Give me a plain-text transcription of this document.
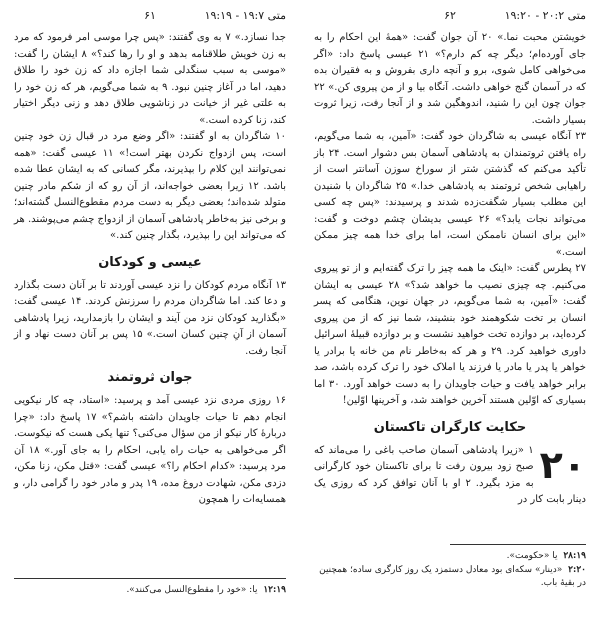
متی ۲۰:۲ - ۱۹:۲۰
۶۲

خویشتن محبت نما.» ۲۰ آن جوان گفت: «همۀ این احکام را به جای آورده‌ام؛ دیگر چه کم دارم؟» ۲۱ عیسی پاسخ داد: «اگر می‌خواهی کامل شوی، برو و آنچه داری بفروش و به فقیران بده که در آسمان گنج خواهی داشت. آنگاه بیا و از من پیروی کن.» ۲۲ جوان چون این را شنید، اندوهگین شد و از آنجا رفت، زیرا ثروت بسیار داشت.

۲۳ آنگاه عیسی به شاگردان خود گفت: «آمین، به شما می‌گویم، راه یافتن ثروتمندان به پادشاهی آسمان بس دشوار است. ۲۴ باز تأکید می‌کنم که گذشتن شتر از سوراخ سوزن آسانتر است از راهیابی شخص ثروتمند به پادشاهی خدا.» ۲۵ شاگردان با شنیدن این مطلب بسیار شگفت‌زده شدند و پرسیدند: «پس چه کسی می‌تواند نجات یابد؟» ۲۶ عیسی بدیشان چشم دوخت و گفت: «این برای انسان ناممکن است، اما برای خدا همه چیز ممکن است.»

۲۷ پطرس گفت: «اینک ما همه چیز را ترک گفته‌ایم و از تو پیروی می‌کنیم. چه چیزی نصیب ما خواهد شد؟» ۲۸ عیسی به ایشان گفت: «آمین، به شما می‌گویم، در جهان نوین، هنگامی که پسر انسان بر تخت شکوهمند خود بنشیند، شما نیز که از من پیروی کرده‌اید، بر دوازده تخت خواهید نشست و بر دوازده قبیلۀ اسرائیل داوری خواهید کرد. ۲۹ و هر که به‌خاطر نام من خانه یا برادر یا خواهر یا پدر یا مادر یا فرزند یا املاک خود را ترک کرده باشد، صد برابر خواهد یافت و حیات جاویدان را به دست خواهد آورد. ۳۰ اما بسیاری که اوّلین هستند آخرین خواهند شد، و آخرینها اوّلین!

حکایت کارگران تاکستان

۲۰
۱ «زیرا پادشاهی آسمان صاحب باغی را می‌ماند که صبح زود بیرون رفت تا برای تاکستان خود کارگرانی به مزد بگیرد. ۲ او با آنان توافق کرد که روزی یک دینار بابت کار در

۲۸:۱۹ یا «حکومت».

۲:۲۰ «دینار» سکه‌ای بود معادل دستمزد یک روز کارگری ساده؛ همچنین در بقیۀ باب.

متی ۱۹:۷ - ۱۹:۱۹
۶۱

جدا نسازد.» ۷ به وی گفتند: «پس چرا موسی امر فرمود که مرد به زن خویش طلاقنامه بدهد و او را رها کند؟» ۸ ایشان را گفت: «موسی به سبب سنگدلی شما اجازه داد که زن خود را طلاق دهید، اما در آغاز چنین نبود. ۹ به شما می‌گویم، هر که زن خود را به علتی غیر از خیانت در زناشویی طلاق دهد و زنی دیگر اختیار کند، زنا کرده است.»

۱۰ شاگردان به او گفتند: «اگر وضع مرد در قبال زن خود چنین است، پس ازدواج نکردن بهتر است!» ۱۱ عیسی گفت: «همه نمی‌توانند این کلام را بپذیرند، مگر کسانی که به ایشان عطا شده باشد. ۱۲ زیرا بعضی خواجه‌اند، از آن رو که از شکم مادر چنین متولد شده‌اند؛ بعضی دیگر به دست مردم مقطوع‌النسل گشته‌اند؛ و برخی نیز به‌خاطر پادشاهی آسمان از ازدواج چشم می‌پوشند. هر که می‌تواند این را بپذیرد، بگذار چنین کند.»

عیسی و کودکان

۱۳ آنگاه مردم کودکان را نزد عیسی آوردند تا بر آنان دست بگذارد و دعا کند. اما شاگردان مردم را سرزنش کردند. ۱۴ عیسی گفت: «بگذارید کودکان نزد من آیند و ایشان را بازمدارید، زیرا پادشاهی آسمان از آنِ چنین کسان است.» ۱۵ پس بر آنان دست نهاد و از آنجا رفت.

جوان ثروتمند

۱۶ روزی مردی نزد عیسی آمد و پرسید: «استاد، چه کار نیکویی انجام دهم تا حیات جاویدان داشته باشم؟» ۱۷ پاسخ داد: «چرا دربارۀ کار نیکو از من سؤال می‌کنی؟ تنها یکی هست که نیکوست. اگر می‌خواهی به حیات راه یابی، احکام را به جای آور.» ۱۸ آن مرد پرسید: «کدام احکام را؟» عیسی گفت: «قتل مکن، زنا مکن، دزدی مکن، شهادت دروغ مده، ۱۹ پدر و مادر خود را گرامی دار، و همسایه‌ات را همچون

۱۲:۱۹ یا: «خود را مقطوع‌النسل می‌کنند».
